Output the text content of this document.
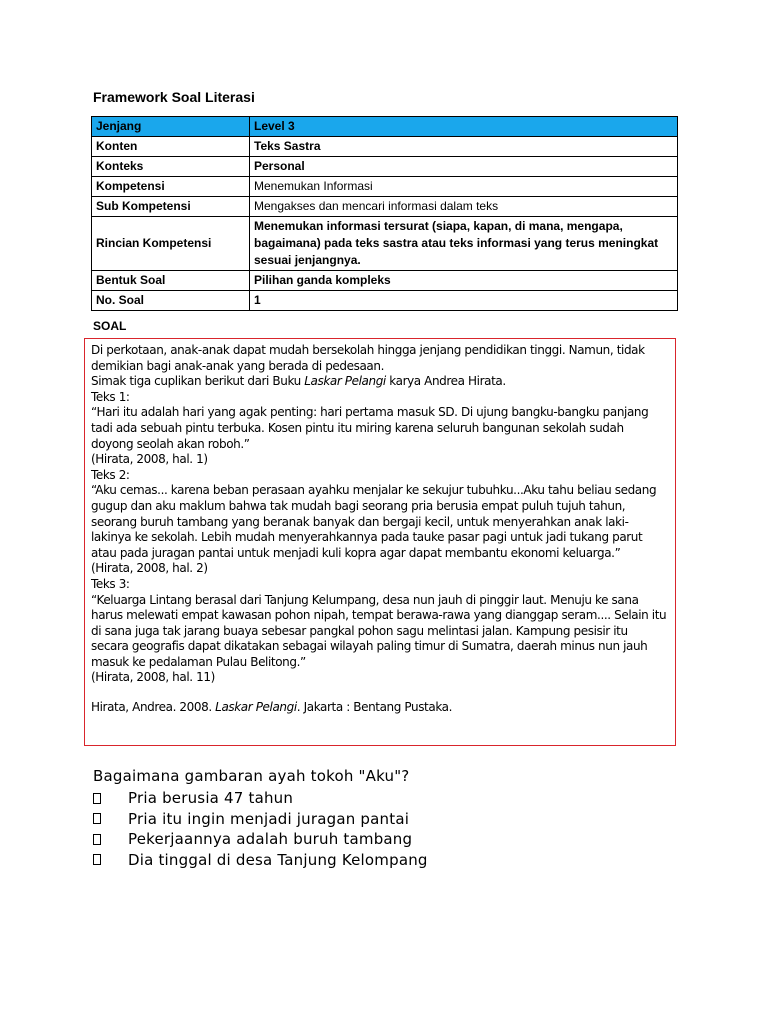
Framework Soal Literasi
Jenjang	Level 3
Konten	Teks Sastra
Konteks	Personal
Kompetensi	Menemukan Informasi
Sub Kompetensi	Mengakses dan mencari informasi dalam teks
Rincian Kompetensi	Menemukan informasi tersurat (siapa, kapan, di mana, mengapa, bagaimana) pada teks sastra atau teks informasi yang terus meningkat sesuai jenjangnya.
Bentuk Soal	Pilihan ganda kompleks
No. Soal	1
SOAL

Di perkotaan, anak-anak dapat mudah bersekolah hingga jenjang pendidikan tinggi. Namun, tidak demikian bagi anak-anak yang berada di pedesaan.

Simak tiga cuplikan berikut dari Buku Laskar Pelangi karya Andrea Hirata.

Teks 1:

“Hari itu adalah hari yang agak penting: hari pertama masuk SD. Di ujung bangku-bangku panjang tadi ada sebuah pintu terbuka. Kosen pintu itu miring karena seluruh bangunan sekolah sudah doyong seolah akan roboh.”

(Hirata, 2008, hal. 1)

Teks 2:

“Aku cemas... karena beban perasaan ayahku menjalar ke sekujur tubuhku...Aku tahu beliau sedang gugup dan aku maklum bahwa tak mudah bagi seorang pria berusia empat puluh tujuh tahun, seorang buruh tambang yang beranak banyak dan bergaji kecil, untuk menyerahkan anak laki-lakinya ke sekolah. Lebih mudah menyerahkannya pada tauke pasar pagi untuk jadi tukang parut atau pada juragan pantai untuk menjadi kuli kopra agar dapat membantu ekonomi keluarga.”

(Hirata, 2008, hal. 2)

Teks 3:

“Keluarga Lintang berasal dari Tanjung Kelumpang, desa nun jauh di pinggir laut. Menuju ke sana harus melewati empat kawasan pohon nipah, tempat berawa-rawa yang dianggap seram.... Selain itu di sana juga tak jarang buaya sebesar pangkal pohon sagu melintasi jalan. Kampung pesisir itu secara geografis dapat dikatakan sebagai wilayah paling timur di Sumatra, daerah minus nun jauh masuk ke pedalaman Pulau Belitong.”

(Hirata, 2008, hal. 11)

Hirata, Andrea. 2008. Laskar Pelangi. Jakarta : Bentang Pustaka.

Bagaimana gambaran ayah tokoh "Aku"?
Pria berusia 47 tahun
Pria itu ingin menjadi juragan pantai
Pekerjaannya adalah buruh tambang
Dia tinggal di desa Tanjung Kelompang
